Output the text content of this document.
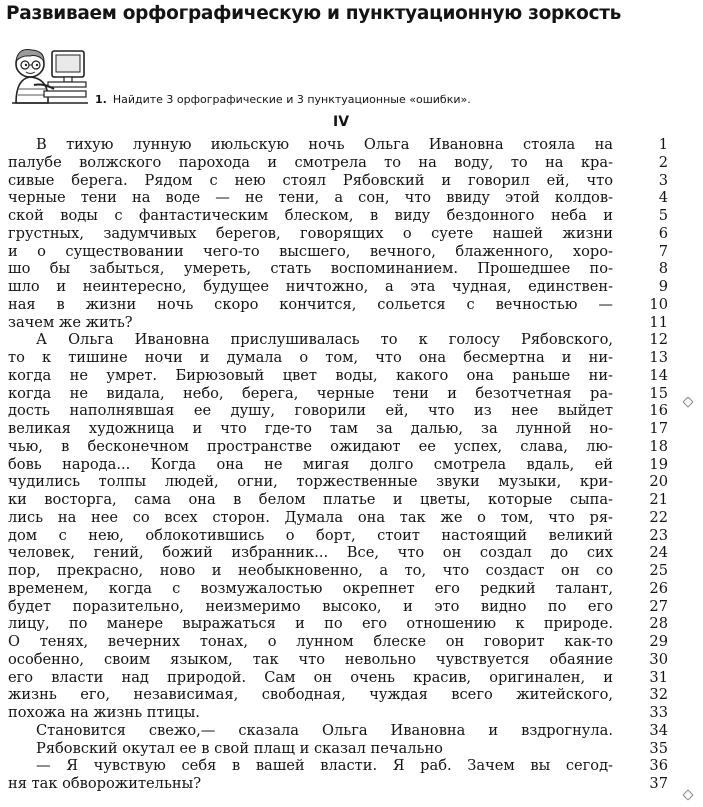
Развиваем орфографическую и пунктуационную зоркость
1. Найдите 3 орфографические и 3 пунктуационные «ошибки».
IV
В тихую лунную июльскую ночь Ольга Ивановна стояла на	1
палубе волжского парохода и смотрела то на воду, то на кра-	2
сивые берега. Рядом с нею стоял Рябовский и говорил ей, что	3
черные тени на воде — не тени, а сон, что ввиду этой колдов-	4
ской воды с фантастическим блеском, в виду бездонного неба и	5
грустных, задумчивых берегов, говорящих о суете нашей жизни	6
и о существовании чего-то высшего, вечного, блаженного, хоро-	7
шо бы забыться, умереть, стать воспоминанием. Прошедшее по-	8
шло и неинтересно, будущее ничтожно, а эта чудная, единствен-	9
ная в жизни ночь скоро кончится, сольется с вечностью —	10
зачем же жить?	11
А Ольга Ивановна прислушивалась то к голосу Рябовского,	12
то к тишине ночи и думала о том, что она бесмертна и ни-	13
когда не умрет. Бирюзовый цвет воды, какого она раньше ни-	14
когда не видала, небо, берега, черные тени и безотчетная ра-	15
дость наполнявшая ее душу, говорили ей, что из нее выйдет	16
великая художница и что где-то там за далью, за лунной но-	17
чью, в бесконечном пространстве ожидают ее успех, слава, лю-	18
бовь народа... Когда она не мигая долго смотрела вдаль, ей	19
чудились толпы людей, огни, торжественные звуки музыки, кри-	20
ки восторга, сама она в белом платье и цветы, которые сыпа-	21
лись на нее со всех сторон. Думала она так же о том, что ря-	22
дом с нею, облокотившись о борт, стоит настоящий великий	23
человек, гений, божий избранник... Все, что он создал до сих	24
пор, прекрасно, ново и необыкновенно, а то, что создаст он со	25
временем, когда с возмужалостью окрепнет его редкий талант,	26
будет поразительно, неизмеримо высоко, и это видно по его	27
лицу, по манере выражаться и по его отношению к природе.	28
О тенях, вечерних тонах, о лунном блеске он говорит как-то	29
особенно, своим языком, так что невольно чувствуется обаяние	30
его власти над природой. Сам он очень красив, оригинален, и	31
жизнь его, независимая, свободная, чуждая всего житейского,	32
похожа на жизнь птицы.	33
Становится свежо,— сказала Ольга Ивановна и вздрогнула.	34
Рябовский окутал ее в свой плащ и сказал печально	35
— Я чувствую себя в вашей власти. Я раб. Зачем вы сегод-	36
ня так обворожительны?	37
